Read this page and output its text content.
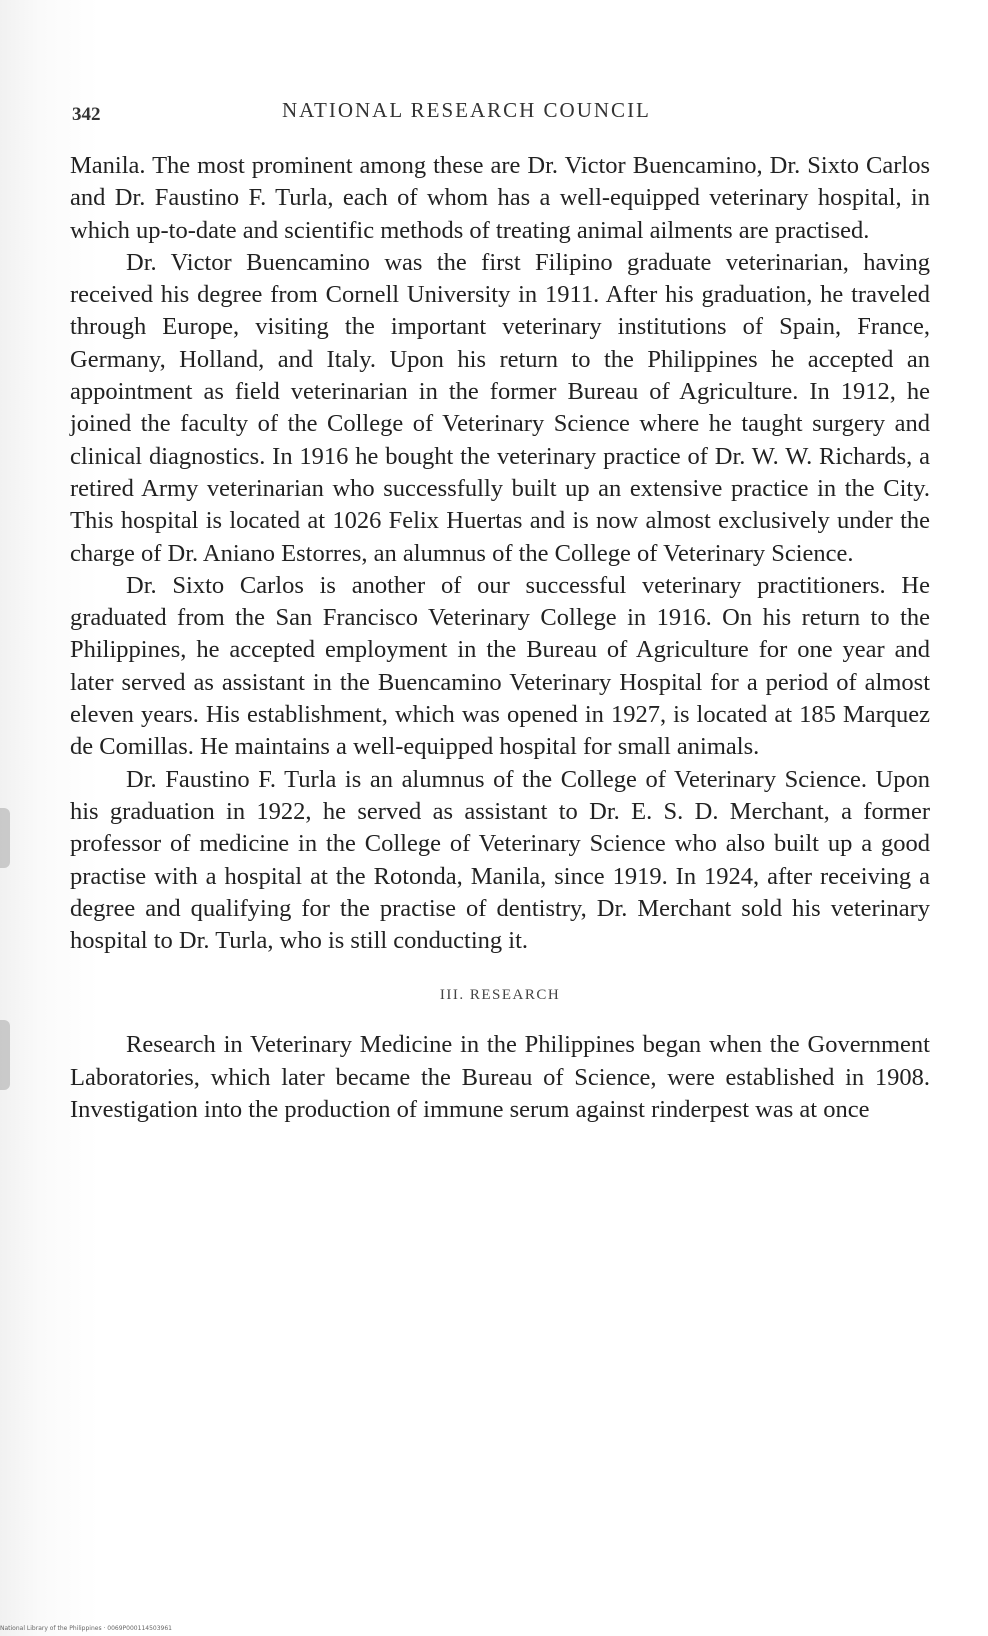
342	NATIONAL RESEARCH COUNCIL

Manila. The most prominent among these are Dr. Victor Buencamino, Dr. Sixto Carlos and Dr. Faustino F. Turla, each of whom has a well-equipped veterinary hospital, in which up-to-date and scientific methods of treating animal ailments are practised.

Dr. Victor Buencamino was the first Filipino graduate veterinarian, having received his degree from Cornell University in 1911. After his graduation, he traveled through Europe, visiting the important veterinary institutions of Spain, France, Germany, Holland, and Italy. Upon his return to the Philippines he accepted an appointment as field veterinarian in the former Bureau of Agriculture. In 1912, he joined the faculty of the College of Veterinary Science where he taught surgery and clinical diagnostics. In 1916 he bought the veterinary practice of Dr. W. W. Richards, a retired Army veterinarian who successfully built up an extensive practice in the City. This hospital is located at 1026 Felix Huertas and is now almost exclusively under the charge of Dr. Aniano Estorres, an alumnus of the College of Veterinary Science.

Dr. Sixto Carlos is another of our successful veterinary practitioners. He graduated from the San Francisco Veterinary College in 1916. On his return to the Philippines, he accepted employment in the Bureau of Agriculture for one year and later served as assistant in the Buencamino Veterinary Hospital for a period of almost eleven years. His establishment, which was opened in 1927, is located at 185 Marquez de Comillas. He maintains a well-equipped hospital for small animals.

Dr. Faustino F. Turla is an alumnus of the College of Veterinary Science. Upon his graduation in 1922, he served as assistant to Dr. E. S. D. Merchant, a former professor of medicine in the College of Veterinary Science who also built up a good practise with a hospital at the Rotonda, Manila, since 1919. In 1924, after receiving a degree and qualifying for the practise of dentistry, Dr. Merchant sold his veterinary hospital to Dr. Turla, who is still conducting it.

III. RESEARCH

Research in Veterinary Medicine in the Philippines began when the Government Laboratories, which later became the Bureau of Science, were established in 1908. Investigation into the production of immune serum against rinderpest was at once

National Library of the Philippines · 0069P000114503961
